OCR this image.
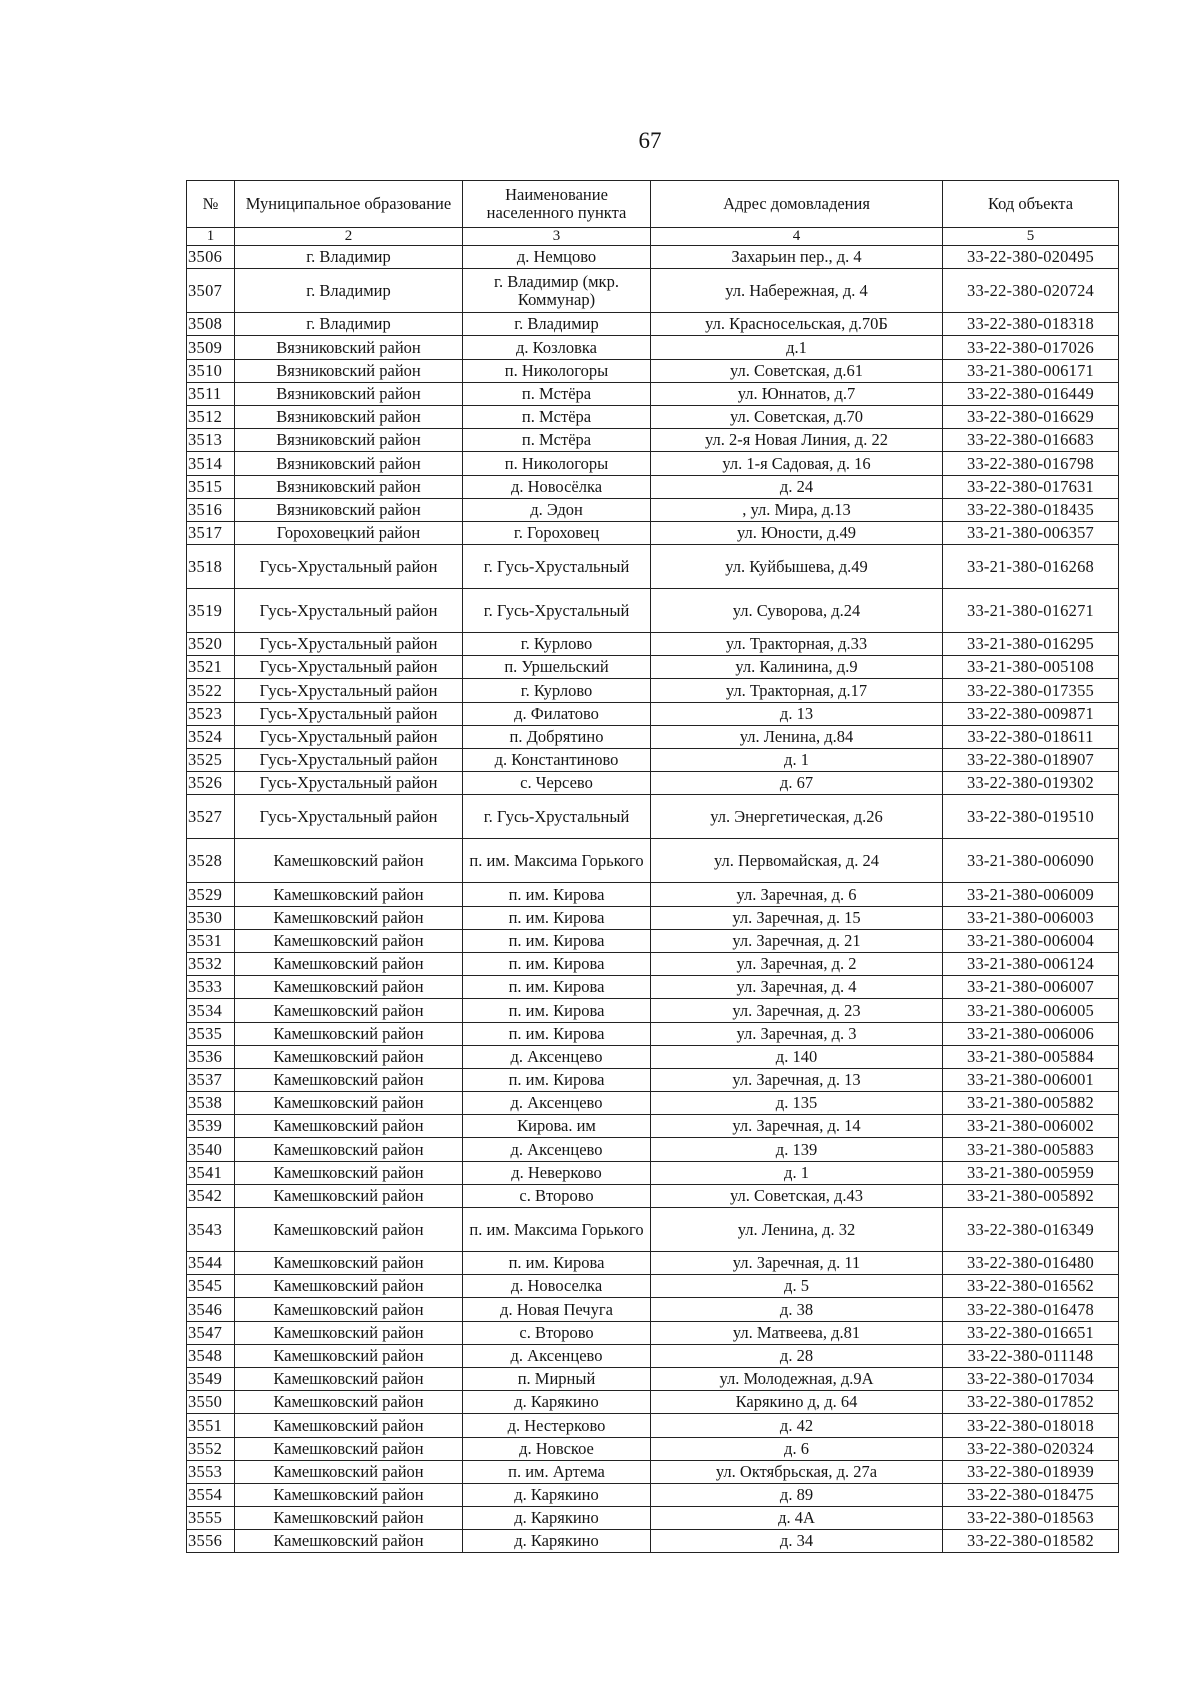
67
№	Муниципальное образование	Наименование населенного пункта	Адрес домовладения	Код объекта
1	2	3	4	5
3506	г. Владимир	д. Немцово	Захарьин пер., д. 4	33-22-380-020495
3507	г. Владимир	г. Владимир (мкр. Коммунар)	ул. Набережная, д. 4	33-22-380-020724
3508	г. Владимир	г. Владимир	ул. Красносельская, д.70Б	33-22-380-018318
3509	Вязниковский район	д. Козловка	д.1	33-22-380-017026
3510	Вязниковский район	п. Никологоры	ул. Советская, д.61	33-21-380-006171
3511	Вязниковский район	п. Мстёра	ул. Юннатов, д.7	33-22-380-016449
3512	Вязниковский район	п. Мстёра	ул. Советская, д.70	33-22-380-016629
3513	Вязниковский район	п. Мстёра	ул. 2-я Новая Линия, д. 22	33-22-380-016683
3514	Вязниковский район	п. Никологоры	ул. 1-я Садовая, д. 16	33-22-380-016798
3515	Вязниковский район	д. Новосёлка	д. 24	33-22-380-017631
3516	Вязниковский район	д. Эдон	, ул. Мира, д.13	33-22-380-018435
3517	Гороховецкий район	г. Гороховец	ул. Юности, д.49	33-21-380-006357
3518	Гусь-Хрустальный район	г. Гусь-Хрустальный	ул. Куйбышева, д.49	33-21-380-016268
3519	Гусь-Хрустальный район	г. Гусь-Хрустальный	ул. Суворова, д.24	33-21-380-016271
3520	Гусь-Хрустальный район	г. Курлово	ул. Тракторная, д.33	33-21-380-016295
3521	Гусь-Хрустальный район	п. Уршельский	ул. Калинина, д.9	33-21-380-005108
3522	Гусь-Хрустальный район	г. Курлово	ул. Тракторная, д.17	33-22-380-017355
3523	Гусь-Хрустальный район	д. Филатово	д. 13	33-22-380-009871
3524	Гусь-Хрустальный район	п. Добрятино	ул. Ленина, д.84	33-22-380-018611
3525	Гусь-Хрустальный район	д. Константиново	д. 1	33-22-380-018907
3526	Гусь-Хрустальный район	с. Черсево	д. 67	33-22-380-019302
3527	Гусь-Хрустальный район	г. Гусь-Хрустальный	ул. Энергетическая, д.26	33-22-380-019510
3528	Камешковский район	п. им. Максима Горького	ул. Первомайская, д. 24	33-21-380-006090
3529	Камешковский район	п. им. Кирова	ул. Заречная, д. 6	33-21-380-006009
3530	Камешковский район	п. им. Кирова	ул. Заречная, д. 15	33-21-380-006003
3531	Камешковский район	п. им. Кирова	ул. Заречная, д. 21	33-21-380-006004
3532	Камешковский район	п. им. Кирова	ул. Заречная, д. 2	33-21-380-006124
3533	Камешковский район	п. им. Кирова	ул. Заречная, д. 4	33-21-380-006007
3534	Камешковский район	п. им. Кирова	ул. Заречная, д. 23	33-21-380-006005
3535	Камешковский район	п. им. Кирова	ул. Заречная, д. 3	33-21-380-006006
3536	Камешковский район	д. Аксенцево	д. 140	33-21-380-005884
3537	Камешковский район	п. им. Кирова	ул. Заречная, д. 13	33-21-380-006001
3538	Камешковский район	д. Аксенцево	д. 135	33-21-380-005882
3539	Камешковский район	Кирова. им	ул. Заречная, д. 14	33-21-380-006002
3540	Камешковский район	д. Аксенцево	д. 139	33-21-380-005883
3541	Камешковский район	д. Неверково	д. 1	33-21-380-005959
3542	Камешковский район	с. Второво	ул. Советская, д.43	33-21-380-005892
3543	Камешковский район	п. им. Максима Горького	ул. Ленина, д. 32	33-22-380-016349
3544	Камешковский район	п. им. Кирова	ул. Заречная, д. 11	33-22-380-016480
3545	Камешковский район	д. Новоселка	д. 5	33-22-380-016562
3546	Камешковский район	д. Новая Печуга	д. 38	33-22-380-016478
3547	Камешковский район	с. Второво	ул. Матвеева, д.81	33-22-380-016651
3548	Камешковский район	д. Аксенцево	д. 28	33-22-380-011148
3549	Камешковский район	п. Мирный	ул. Молодежная, д.9А	33-22-380-017034
3550	Камешковский район	д. Карякино	Карякино д, д. 64	33-22-380-017852
3551	Камешковский район	д. Нестерково	д. 42	33-22-380-018018
3552	Камешковский район	д. Новское	д. 6	33-22-380-020324
3553	Камешковский район	п. им. Артема	ул. Октябрьская, д. 27а	33-22-380-018939
3554	Камешковский район	д. Карякино	д. 89	33-22-380-018475
3555	Камешковский район	д. Карякино	д. 4А	33-22-380-018563
3556	Камешковский район	д. Карякино	д. 34	33-22-380-018582
